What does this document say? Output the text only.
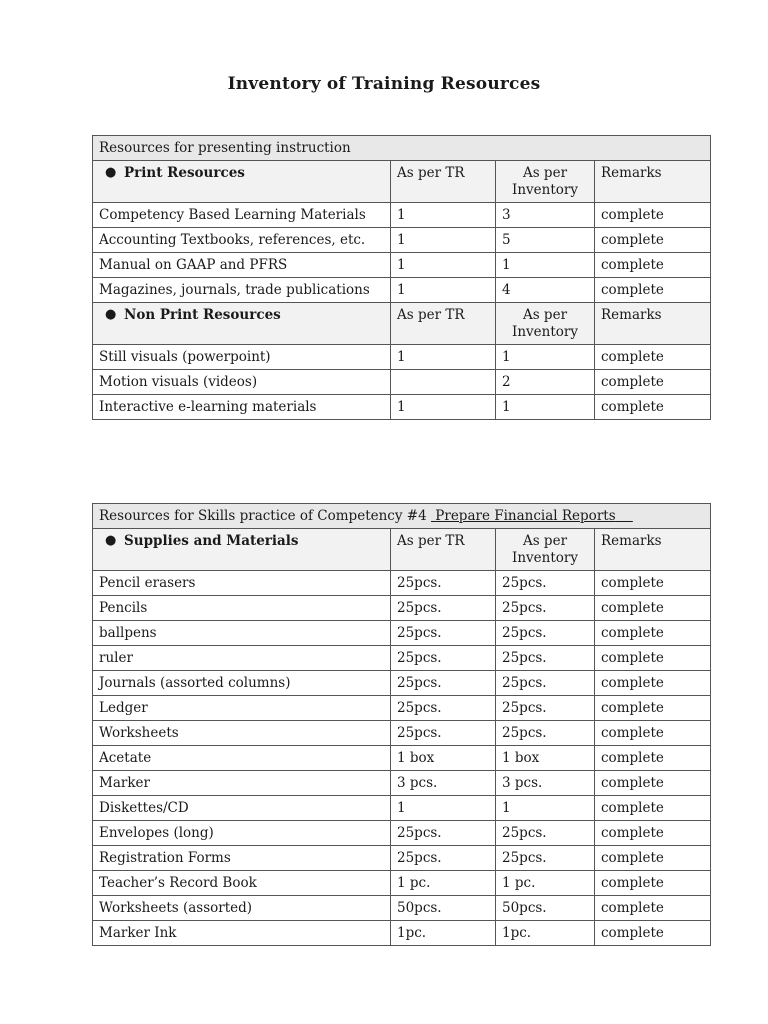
Inventory of Training Resources
Resources for presenting instruction			

● Print Resources	As per TR	As per Inventory	Remarks
Competency Based Learning Materials	1	3	complete
Accounting Textbooks, references, etc.	1	5	complete
Manual on GAAP and PFRS	1	1	complete
Magazines, journals, trade publications	1	4	complete

● Non Print Resources	As per TR	As per Inventory	Remarks
Still visuals (powerpoint)	1	1	complete
Motion visuals (videos)		2	complete
Interactive e-learning materials	1	1	complete
Resources for Skills practice of Competency #4 Prepare Financial Reports			

● Supplies and Materials	As per TR	As per Inventory	Remarks
Pencil erasers	25pcs.	25pcs.	complete
Pencils	25pcs.	25pcs.	complete
ballpens	25pcs.	25pcs.	complete
ruler	25pcs.	25pcs.	complete
Journals (assorted columns)	25pcs.	25pcs.	complete
Ledger	25pcs.	25pcs.	complete
Worksheets	25pcs.	25pcs.	complete
Acetate	1 box	1 box	complete
Marker	3 pcs.	3 pcs.	complete
Diskettes/CD	1	1	complete
Envelopes (long)	25pcs.	25pcs.	complete
Registration Forms	25pcs.	25pcs.	complete
Teacher’s Record Book	1 pc.	1 pc.	complete
Worksheets (assorted)	50pcs.	50pcs.	complete
Marker Ink	1pc.	1pc.	complete
